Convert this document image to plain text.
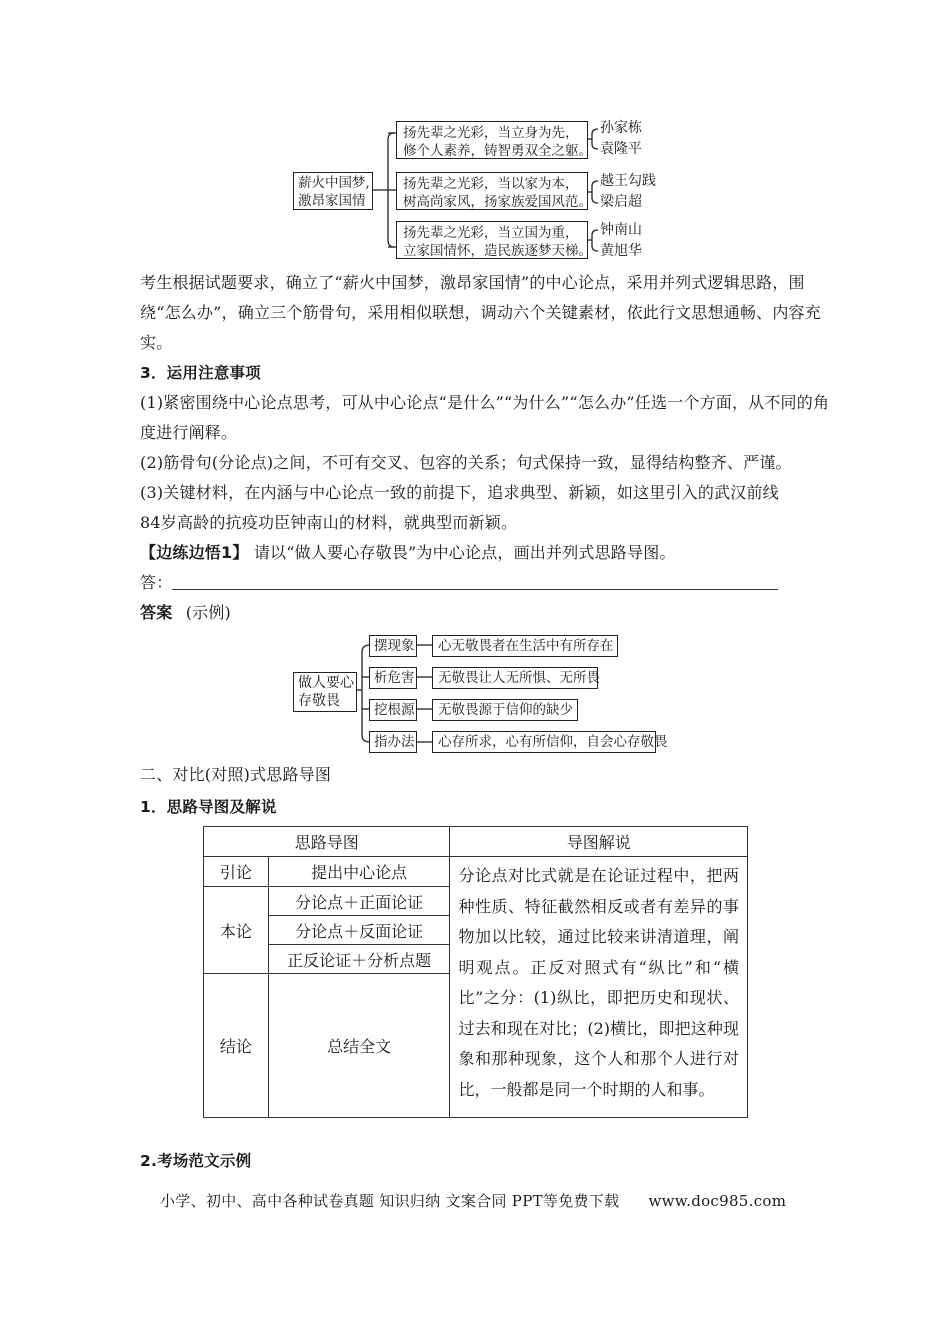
薪火中国梦,
激昂家国情
扬先辈之光彩，当立身为先，
修个人素养，铸智勇双全之躯。
孙家栋
袁隆平
扬先辈之光彩，当以家为本，
树高尚家风，扬家族爱国风范。
越王勾践
梁启超
扬先辈之光彩，当立国为重，
立家国情怀，造民族逐梦天梯。
钟南山
黄旭华
考生根据试题要求，确立了“薪火中国梦，激昂家国情”的中心论点，采用并列式逻辑思路，围绕“怎么办”，确立三个筋骨句，采用相似联想，调动六个关键素材，依此行文思想通畅、内容充实。
3．运用注意事项
(1)紧密围绕中心论点思考，可从中心论点“是什么”“为什么”“怎么办”任选一个方面，从不同的角度进行阐释。
(2)筋骨句(分论点)之间，不可有交叉、包容的关系；句式保持一致，显得结构整齐、严谨。
(3)关键材料，在内涵与中心论点一致的前提下，追求典型、新颖，如这里引入的武汉前线
84岁高龄的抗疫功臣钟南山的材料，就典型而新颖。
【边练边悟1】 请以“做人要心存敬畏”为中心论点，画出并列式思路导图。
答：
答案 (示例)
做人要心
存敬畏
摆现象	心无敬畏者在生活中有所存在
析危害	无敬畏让人无所惧、无所畏
挖根源	无敬畏源于信仰的缺少
指办法	心存所求，心有所信仰，自会心存敬畏
二、对比(对照)式思路导图
1．思路导图及解说
思路导图		导图解说
引论	提出中心论点	分论点对比式就是在论证过程中，把两种性质、特征截然相反或者有差异的事物加以比较，通过比较来讲清道理，阐明观点。正反对照式有“纵比”和“横比”之分：(1)纵比，即把历史和现状、过去和现在对比；(2)横比，即把这种现象和那种现象，这个人和那个人进行对比，一般都是同一个时期的人和事。
本论	分论点＋正面论证	
	分论点＋反面论证	
	正反论证＋分析点题	
结论	总结全文	
2.考场范文示例
小学、初中、高中各种试卷真题 知识归纳 文案合同 PPT等免费下载 www.doc985.com
